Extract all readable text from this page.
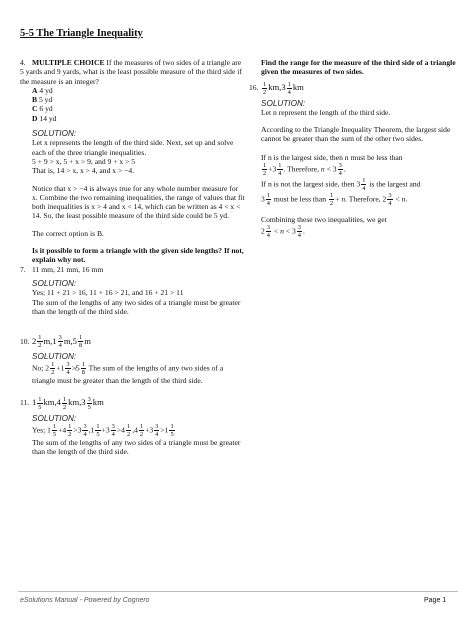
5-5 The Triangle Inequality
4. MULTIPLE CHOICE If the measures of two sides of a triangle are 5 yards and 9 yards, what is the least possible measure of the third side if the measure is an integer?
A 4 yd
B 5 yd
C 6 yd
D 14 yd
SOLUTION:
Let x represents the length of the third side. Next, set up and solve each of the three triangle inequalities.
5 + 9 > x, 5 + x > 9, and 9 + x > 5
That is, 14 > x, x > 4, and x > −4.
Notice that x > −4 is always true for any whole number measure for x. Combine the two remaining inequalities, the range of values that fit both inequalities is x > 4 and x < 14, which can be written as 4 < x < 14. So, the least possible measure of the third side could be 5 yd.
The correct option is B.
Is it possible to form a triangle with the given side lengths? If not, explain why not.
7. 11 mm, 21 mm, 16 mm
SOLUTION:
Yes; 11 + 21 > 16, 11 + 16 > 21, and 16 + 21 > 11
The sum of the lengths of any two sides of a triangle must be greater than the length of the third side.
10. $2 \frac{1}{2} m,1 \frac{3}{4} m,5 \frac{1}{8}$ m
SOLUTION:
No; $2 \frac{1}{2} +1 \frac{3}{4}$ ≯5 $\frac{1}{8}$ The sum of the lengths of any two sides of a triangle must be greater than the length of the third side.
11. $1 \frac{1}{5} km,4 \frac{1}{2} km,3 \frac{3}{5}$ km
SOLUTION:
Yes; $1 \frac{1}{5} +4 \frac{1}{2} >3 \frac{3}{4} ,1 \frac{1}{5} +3 \frac{3}{4} >4 \frac{1}{2} ,4 \frac{1}{2} +3 \frac{3}{4} >1 \frac{1}{5}$
The sum of the lengths of any two sides of a triangle must be greater than the length of the third side.
Find the range for the measure of the third side of a triangle given the measures of two sides.
16. $\frac{1}{2} km,3 \frac{1}{4}$ km
SOLUTION:
Let n represent the length of the third side.
According to the Triangle Inequality Theorem, the largest side cannot be greater than the sum of the other two sides.
If n is the largest side, then n must be less than
$\frac{1}{2} +3 \frac{1}{4}$ . Therefore, $n < 3 \frac{3}{4}$ .
If n is not the largest side, then $3 \frac{1}{4}$ is the largest and
$3 \frac{1}{4}$ must be less than $\frac{1}{2} + n$. Therefore, $2 \frac{3}{4} < n$.
Combining these two inequalities, we get
$2 \frac{3}{4} < n < 3 \frac{3}{4}$ .
eSolutions Manual - Powered by Cognero	Page 1
